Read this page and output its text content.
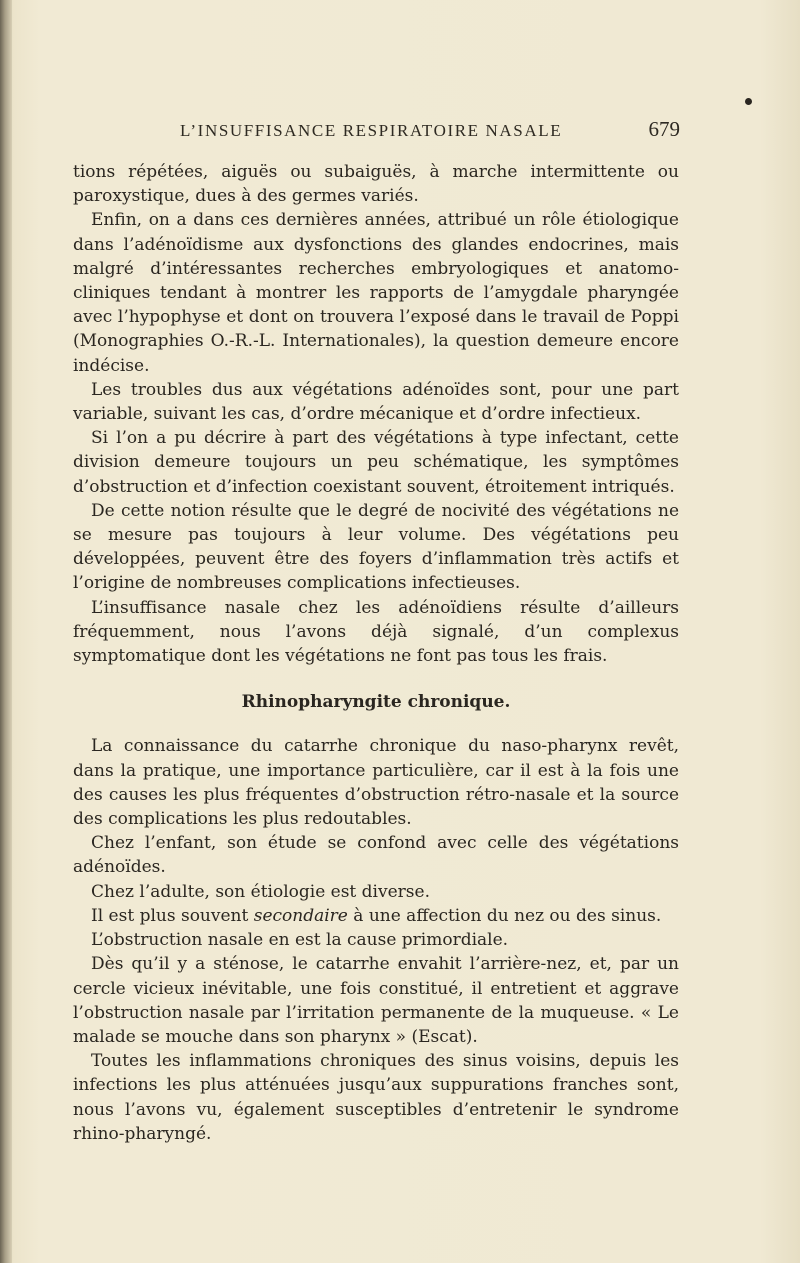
L’INSUFFISANCE RESPIRATOIRE NASALE	679

tions répétées, aiguës ou subaiguës, à marche intermittente ou paroxystique, dues à des germes variés.

Enfin, on a dans ces dernières années, attribué un rôle étiologique dans l’adénoïdisme aux dysfonctions des glandes endocrines, mais malgré d’intéressantes recherches embryologiques et anatomo-cliniques tendant à montrer les rapports de l’amygdale pharyngée avec l’hypophyse et dont on trouvera l’exposé dans le travail de Poppi (Monographies O.-R.-L. Internationales), la question demeure encore indécise.

Les troubles dus aux végétations adénoïdes sont, pour une part variable, suivant les cas, d’ordre mécanique et d’ordre infectieux.

Si l’on a pu décrire à part des végétations à type infectant, cette division demeure toujours un peu schématique, les symptômes d’obstruction et d’infection coexistant souvent, étroitement intriqués.

De cette notion résulte que le degré de nocivité des végétations ne se mesure pas toujours à leur volume. Des végétations peu développées, peuvent être des foyers d’inflammation très actifs et l’origine de nombreuses complications infectieuses.

L’insuffisance nasale chez les adénoïdiens résulte d’ailleurs fréquemment, nous l’avons déjà signalé, d’un complexus symptomatique dont les végétations ne font pas tous les frais.

Rhinopharyngite chronique.

La connaissance du catarrhe chronique du naso-pharynx revêt, dans la pratique, une importance particulière, car il est à la fois une des causes les plus fréquentes d’obstruction rétro-nasale et la source des complications les plus redoutables.

Chez l’enfant, son étude se confond avec celle des végétations adénoïdes.

Chez l’adulte, son étiologie est diverse.

Il est plus souvent secondaire à une affection du nez ou des sinus.

L’obstruction nasale en est la cause primordiale.

Dès qu’il y a sténose, le catarrhe envahit l’arrière-nez, et, par un cercle vicieux inévitable, une fois constitué, il entretient et aggrave l’obstruction nasale par l’irritation permanente de la muqueuse. « Le malade se mouche dans son pharynx » (Escat).

Toutes les inflammations chroniques des sinus voisins, depuis les infections les plus atténuées jusqu’aux suppurations franches sont, nous l’avons vu, également susceptibles d’entretenir le syndrome rhino-pharyngé.
